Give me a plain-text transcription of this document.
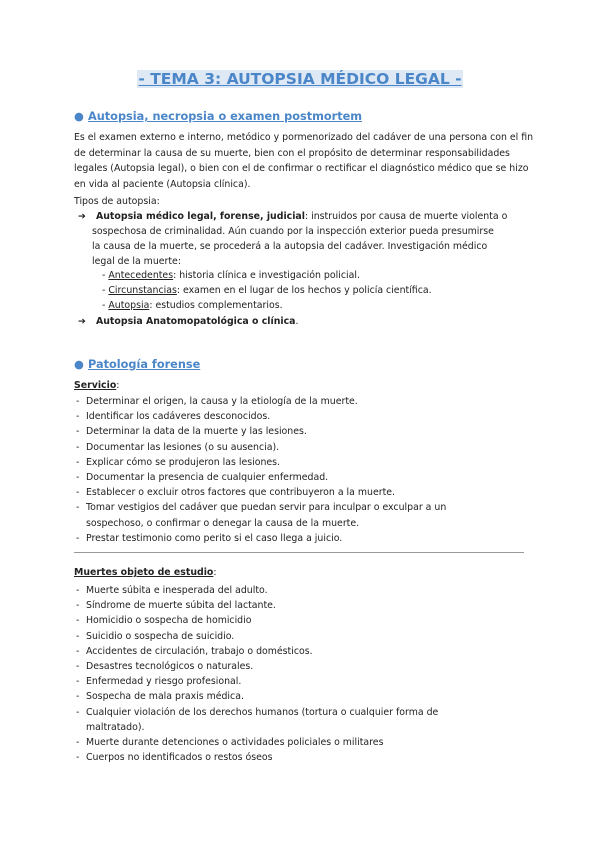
- TEMA 3: AUTOPSIA MÉDICO LEGAL -
● Autopsia, necropsia o examen postmortem
Es el examen externo e interno, metódico y pormenorizado del cadáver de una persona con el fin de determinar la causa de su muerte, bien con el propósito de determinar responsabilidades legales (Autopsia legal), o bien con el de confirmar o rectificar el diagnóstico médico que se hizo en vida al paciente (Autopsia clínica).
Tipos de autopsia:
➔ Autopsia médico legal, forense, judicial: instruidos por causa de muerte violenta o
sospechosa de criminalidad. Aún cuando por la inspección exterior pueda presumirse
la causa de la muerte, se procederá a la autopsia del cadáver. Investigación médico
legal de la muerte:
- Antecedentes: historia clínica e investigación policial.
- Circunstancias: examen en el lugar de los hechos y policía científica.
- Autopsia: estudios complementarios.
➔ Autopsia Anatomopatológica o clínica.
● Patología forense
Servicio:
- Determinar el origen, la causa y la etiología de la muerte.
- Identificar los cadáveres desconocidos.
- Determinar la data de la muerte y las lesiones.
- Documentar las lesiones (o su ausencia).
- Explicar cómo se produjeron las lesiones.
- Documentar la presencia de cualquier enfermedad.
- Establecer o excluir otros factores que contribuyeron a la muerte.
- Tomar vestigios del cadáver que puedan servir para inculpar o exculpar a un sospechoso, o confirmar o denegar la causa de la muerte.
- Prestar testimonio como perito si el caso llega a juicio.
Muertes objeto de estudio:
- Muerte súbita e inesperada del adulto.
- Síndrome de muerte súbita del lactante.
- Homicidio o sospecha de homicidio
- Suicidio o sospecha de suicidio.
- Accidentes de circulación, trabajo o domésticos.
- Desastres tecnológicos o naturales.
- Enfermedad y riesgo profesional.
- Sospecha de mala praxis médica.
- Cualquier violación de los derechos humanos (tortura o cualquier forma de maltratado).
- Muerte durante detenciones o actividades policiales o militares
- Cuerpos no identificados o restos óseos
